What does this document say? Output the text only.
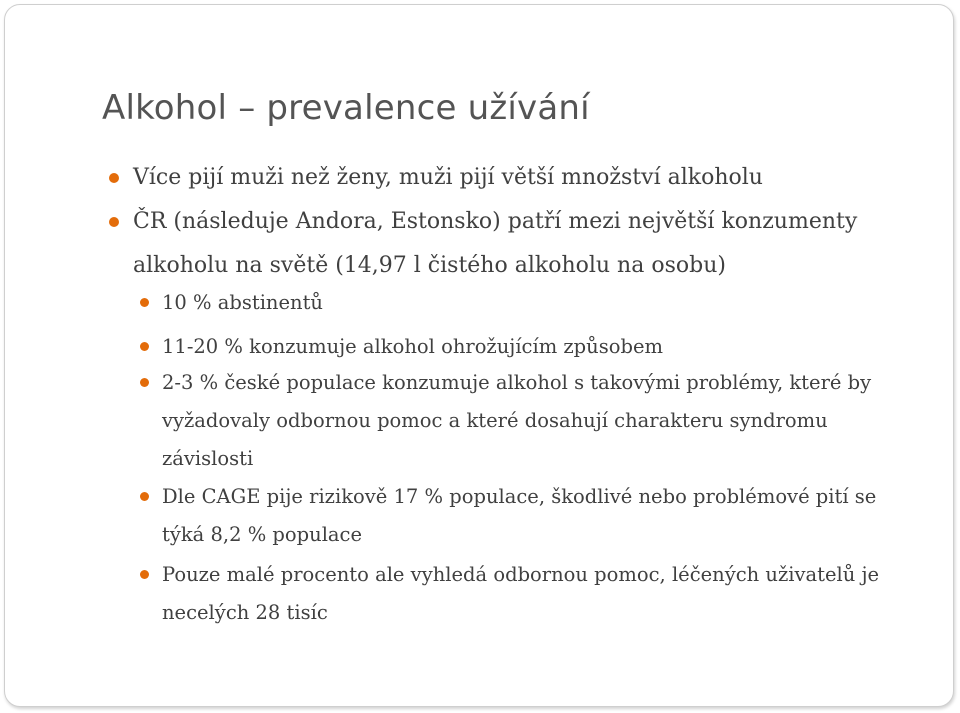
Alkohol – prevalence užívání

Více pijí muži než ženy, muži pijí větší množství alkoholu

ČR (následuje Andora, Estonsko) patří mezi největší konzumenty alkoholu na světě (14,97 l čistého alkoholu na osobu)

10 % abstinentů

11-20 % konzumuje alkohol ohrožujícím způsobem

2-3 % české populace konzumuje alkohol s takovými problémy, které by vyžadovaly odbornou pomoc a které dosahují charakteru syndromu závislosti

Dle CAGE pije rizikově 17 % populace, škodlivé nebo problémové pití se týká 8,2 % populace

Pouze malé procento ale vyhledá odbornou pomoc, léčených uživatelů je necelých 28 tisíc
